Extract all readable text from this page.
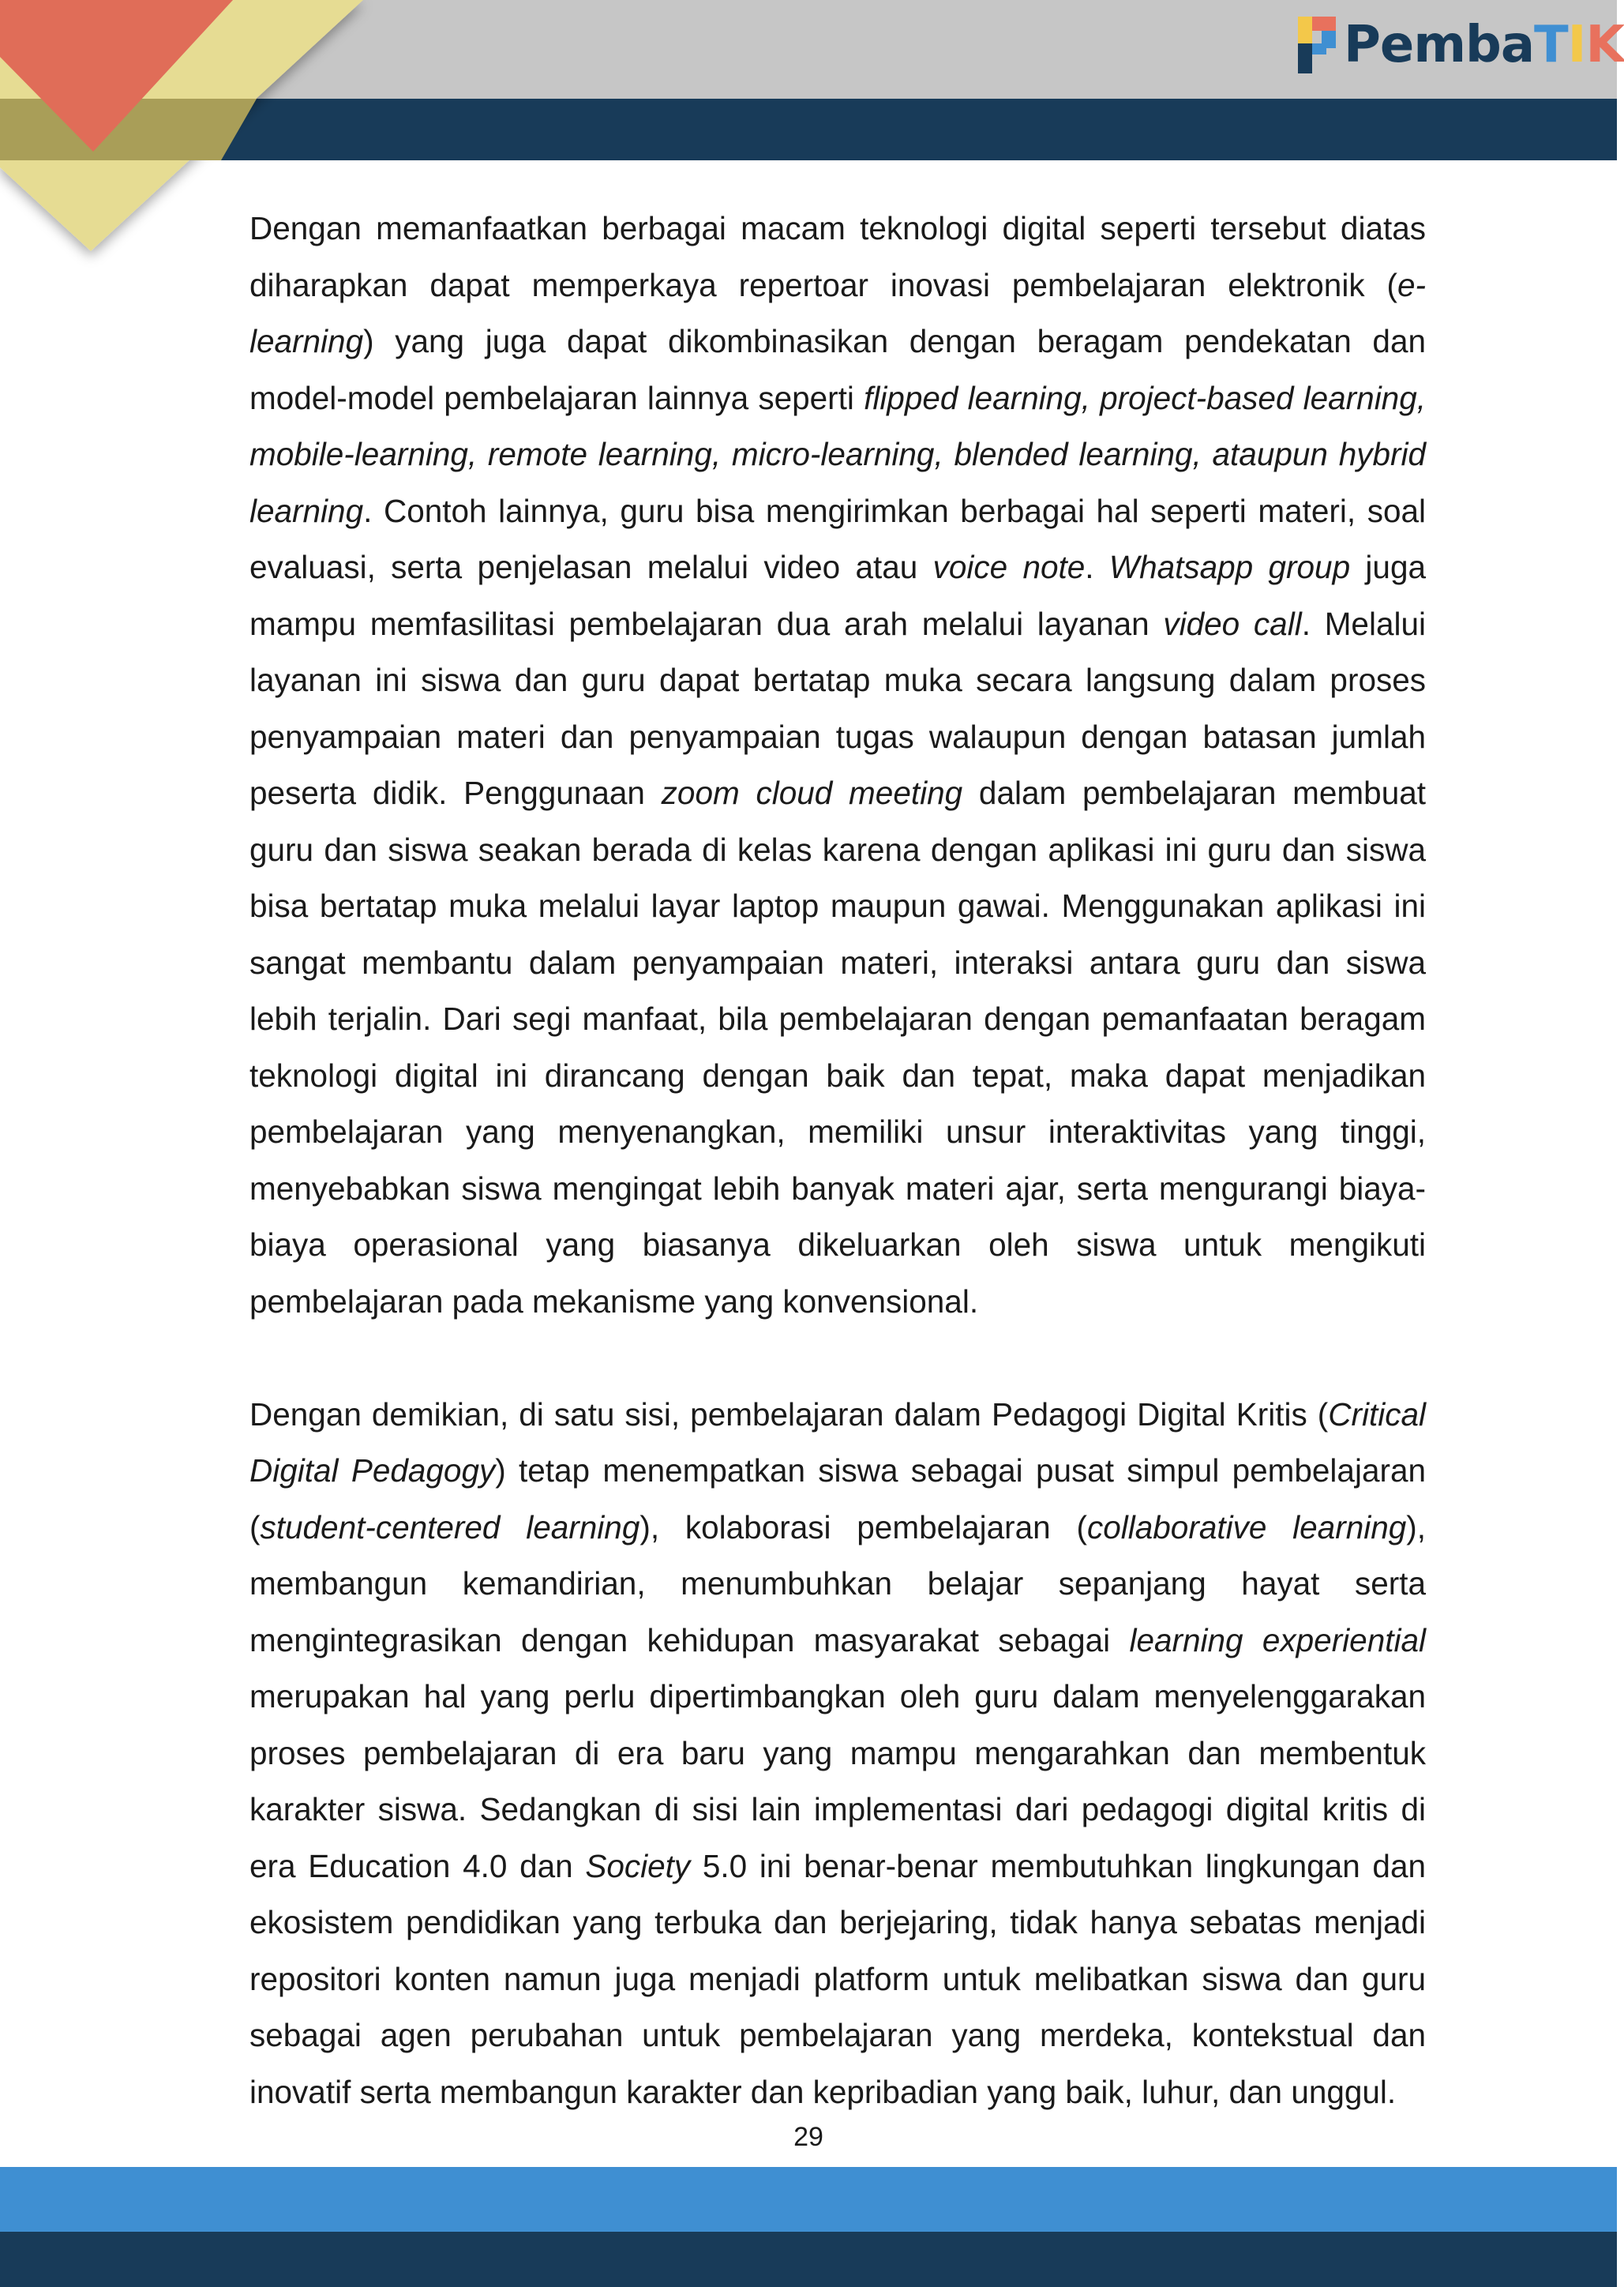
Pemba T I K

Dengan memanfaatkan berbagai macam teknologi digital seperti tersebut diatas diharapkan dapat memperkaya repertoar inovasi pembelajaran elektronik (e-learning) yang juga dapat dikombinasikan dengan beragam pendekatan dan model-model pembelajaran lainnya seperti flipped learning, project-based learning, mobile-learning, remote learning, micro-learning, blended learning, ataupun hybrid learning. Contoh lainnya, guru bisa mengirimkan berbagai hal seperti materi, soal evaluasi, serta penjelasan melalui video atau voice note. Whatsapp group juga mampu memfasilitasi pembelajaran dua arah melalui layanan video call. Melalui layanan ini siswa dan guru dapat bertatap muka secara langsung dalam proses penyampaian materi dan penyampaian tugas walaupun dengan batasan jumlah peserta didik. Penggunaan zoom cloud meeting dalam pembelajaran membuat guru dan siswa seakan berada di kelas karena dengan aplikasi ini guru dan siswa bisa bertatap muka melalui layar laptop maupun gawai. Menggunakan aplikasi ini sangat membantu dalam penyampaian materi, interaksi antara guru dan siswa lebih terjalin. Dari segi manfaat, bila pembelajaran dengan pemanfaatan beragam teknologi digital ini dirancang dengan baik dan tepat, maka dapat menjadikan pembelajaran yang menyenangkan, memiliki unsur interaktivitas yang tinggi, menyebabkan siswa mengingat lebih banyak materi ajar, serta mengurangi biaya-biaya operasional yang biasanya dikeluarkan oleh siswa untuk mengikuti pembelajaran pada mekanisme yang konvensional.

Dengan demikian, di satu sisi, pembelajaran dalam Pedagogi Digital Kritis (Critical Digital Pedagogy) tetap menempatkan siswa sebagai pusat simpul pembelajaran (student-centered learning), kolaborasi pembelajaran (collaborative learning), membangun kemandirian, menumbuhkan belajar sepanjang hayat serta mengintegrasikan dengan kehidupan masyarakat sebagai learning experiential merupakan hal yang perlu dipertimbangkan oleh guru dalam menyelenggarakan proses pembelajaran di era baru yang mampu mengarahkan dan membentuk karakter siswa. Sedangkan di sisi lain implementasi dari pedagogi digital kritis di era Education 4.0 dan Society 5.0 ini benar-benar membutuhkan lingkungan dan ekosistem pendidikan yang terbuka dan berjejaring, tidak hanya sebatas menjadi repositori konten namun juga menjadi platform untuk melibatkan siswa dan guru sebagai agen perubahan untuk pembelajaran yang merdeka, kontekstual dan inovatif serta membangun karakter dan kepribadian yang baik, luhur, dan unggul.

29
